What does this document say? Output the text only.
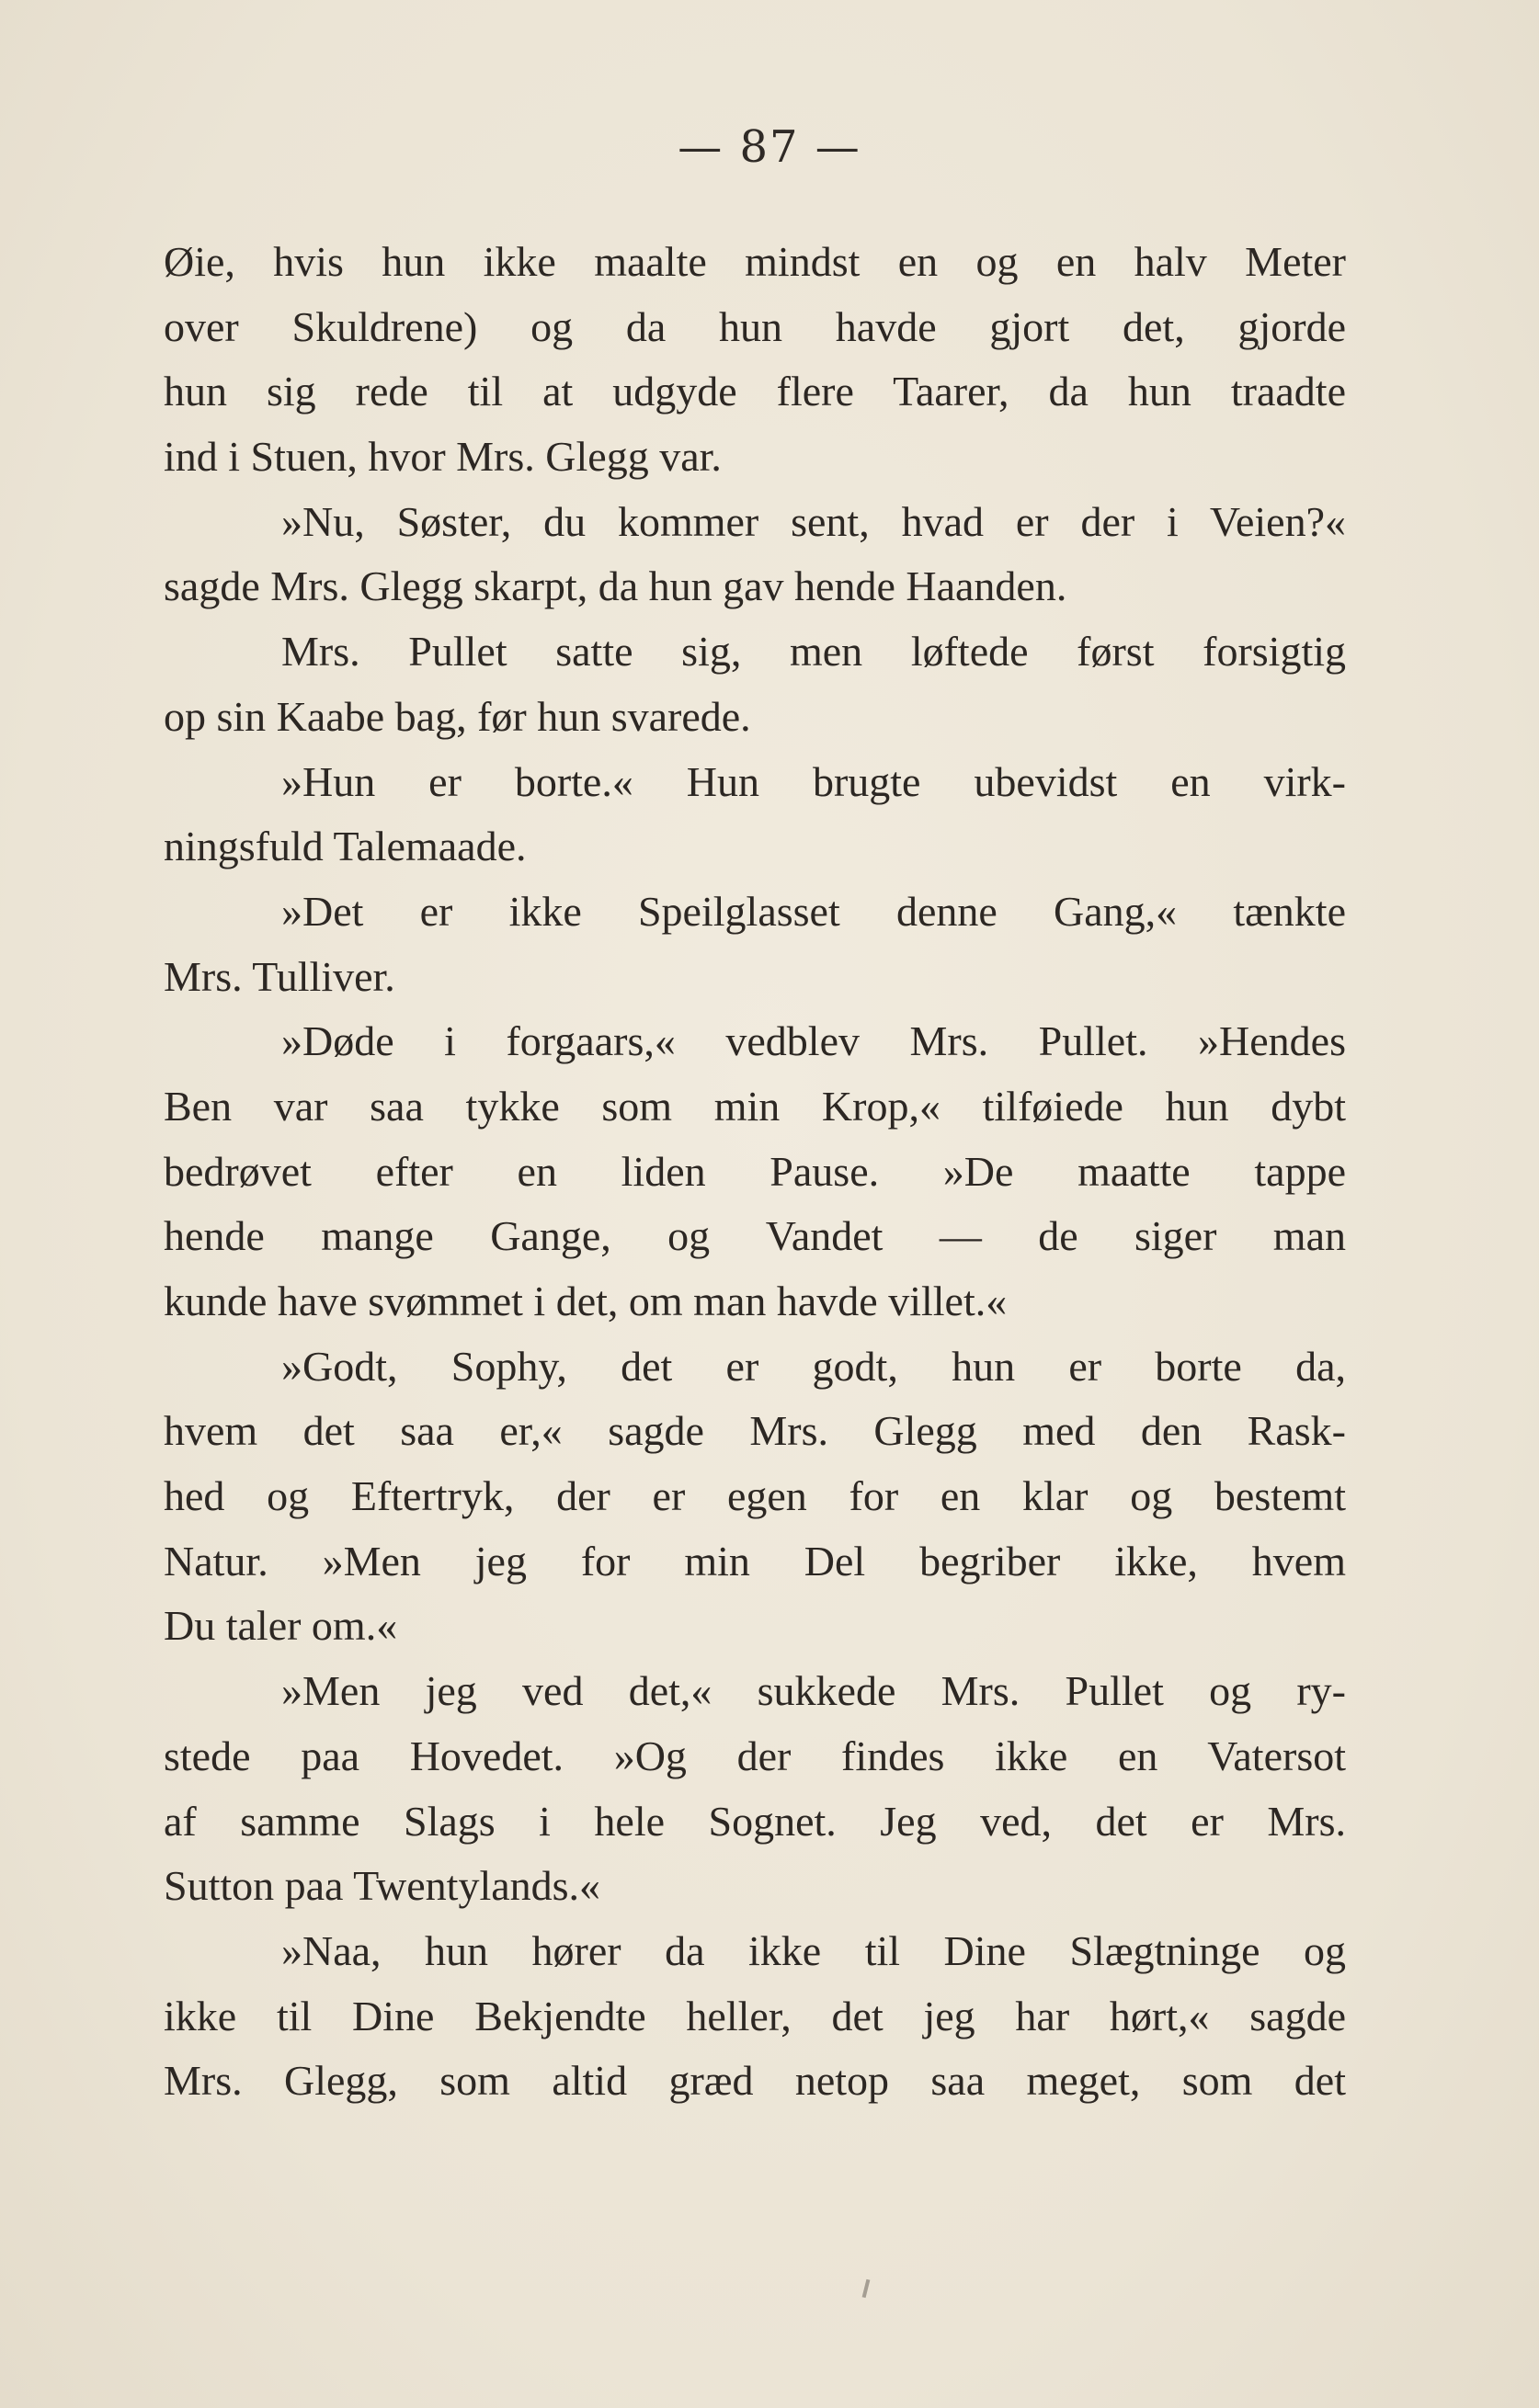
— 87 —
Øie, hvis hun ikke maalte mindst en og en halv Meter
over Skuldrene) og da hun havde gjort det, gjorde
hun sig rede til at udgyde flere Taarer, da hun traadte
ind i Stuen, hvor Mrs. Glegg var.
»Nu, Søster, du kommer sent, hvad er der i Veien?«
sagde Mrs. Glegg skarpt, da hun gav hende Haanden.
Mrs. Pullet satte sig, men løftede først forsigtig
op sin Kaabe bag, før hun svarede.
»Hun er borte.« Hun brugte ubevidst en virk-
ningsfuld Talemaade.
»Det er ikke Speilglasset denne Gang,« tænkte
Mrs. Tulliver.
»Døde i forgaars,« vedblev Mrs. Pullet. »Hendes
Ben var saa tykke som min Krop,« tilføiede hun dybt
bedrøvet efter en liden Pause. »De maatte tappe
hende mange Gange, og Vandet — de siger man
kunde have svømmet i det, om man havde villet.«
»Godt, Sophy, det er godt, hun er borte da,
hvem det saa er,« sagde Mrs. Glegg med den Rask-
hed og Eftertryk, der er egen for en klar og bestemt
Natur. »Men jeg for min Del begriber ikke, hvem
Du taler om.«
»Men jeg ved det,« sukkede Mrs. Pullet og ry-
stede paa Hovedet. »Og der findes ikke en Vatersot
af samme Slags i hele Sognet. Jeg ved, det er Mrs.
Sutton paa Twentylands.«
»Naa, hun hører da ikke til Dine Slægtninge og
ikke til Dine Bekjendte heller, det jeg har hørt,« sagde
Mrs. Glegg, som altid græd netop saa meget, som det
